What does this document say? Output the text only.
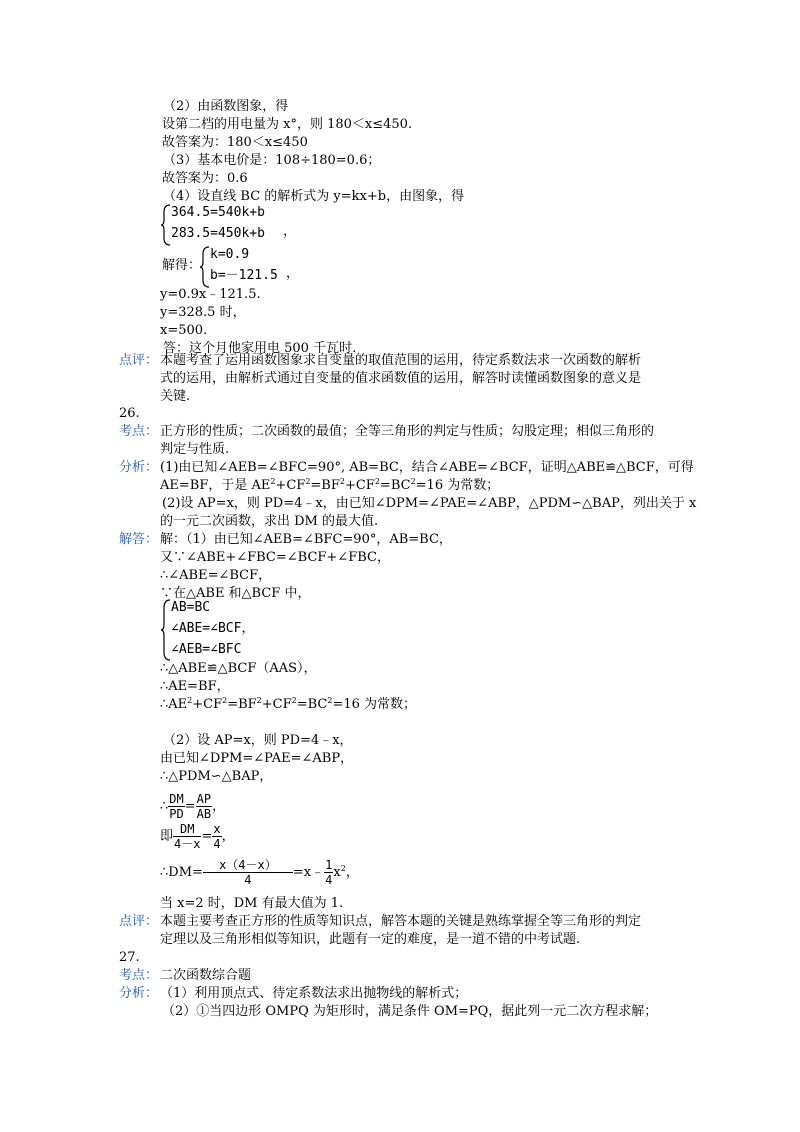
（2）由函数图象，得
设第二档的用电量为 x°，则 180＜x≤450.
故答案为：180＜x≤450
（3）基本电价是：108÷180=0.6；
故答案为：0.6
（4）设直线 BC 的解析式为 y=kx+b，由图象，得
364.5=540k+b
283.5=450k+b ，
解得：
k=0.9
b=－121.5 ，
y=0.9x﹣121.5.
y=328.5 时，
x=500.
答：这个月他家用电 500 千瓦时.
点评： 本题考查了运用函数图象求自变量的取值范围的运用，待定系数法求一次函数的解析
式的运用，由解析式通过自变量的值求函数值的运用，解答时读懂函数图象的意义是
关键.
26.
考点： 正方形的性质；二次函数的最值；全等三角形的判定与性质；勾股定理；相似三角形的
判定与性质.
分析： (1)由已知∠AEB=∠BFC=90°, AB=BC，结合∠ABE=∠BCF，证明△ABE≌△BCF，可得
AE=BF，于是 $AE^2+CF^2=BF^2+CF^2=BC^2=16$ 为常数；
(2)设 AP=x，则 PD=4﹣x，由已知∠DPM=∠PAE=∠ABP，△PDM∽△BAP，列出关于 x
的一元二次函数，求出 DM 的最大值.
解答： 解：（1）由已知∠AEB=∠BFC=90°，AB=BC，
又∵∠ABE+∠FBC=∠BCF+∠FBC，
∴∠ABE=∠BCF，
∵在△ABE 和△BCF 中，
AB=BC
∠ABE=∠BCF，
∠AEB=∠BFC
∴△ABE≌△BCF（AAS），
∴AE=BF，
$\therefore AE^2+CF^2=BF^2+CF^2=BC^2=16$ 为常数；
（2）设 AP=x，则 PD=4﹣x，
由已知∠DPM=∠PAE=∠ABP，
∴△PDM∽△BAP，
∴ $\frac{DM}{PD} = \frac{AP}{AB}$ ，
即 $\frac{DM}{4-x} = \frac{x}{4}$ ，
∴DM= $\frac{x(4-x)}{4}$ =x﹣ $\frac{1}{4} x^2$，
当 x=2 时，DM 有最大值为 1.
点评： 本题主要考查正方形的性质等知识点，解答本题的关键是熟练掌握全等三角形的判定
定理以及三角形相似等知识，此题有一定的难度，是一道不错的中考试题.
27.
考点： 二次函数综合题
分析： （1）利用顶点式、待定系数法求出抛物线的解析式；
（2）①当四边形 OMPQ 为矩形时，满足条件 OM=PQ，据此列一元二次方程求解；
